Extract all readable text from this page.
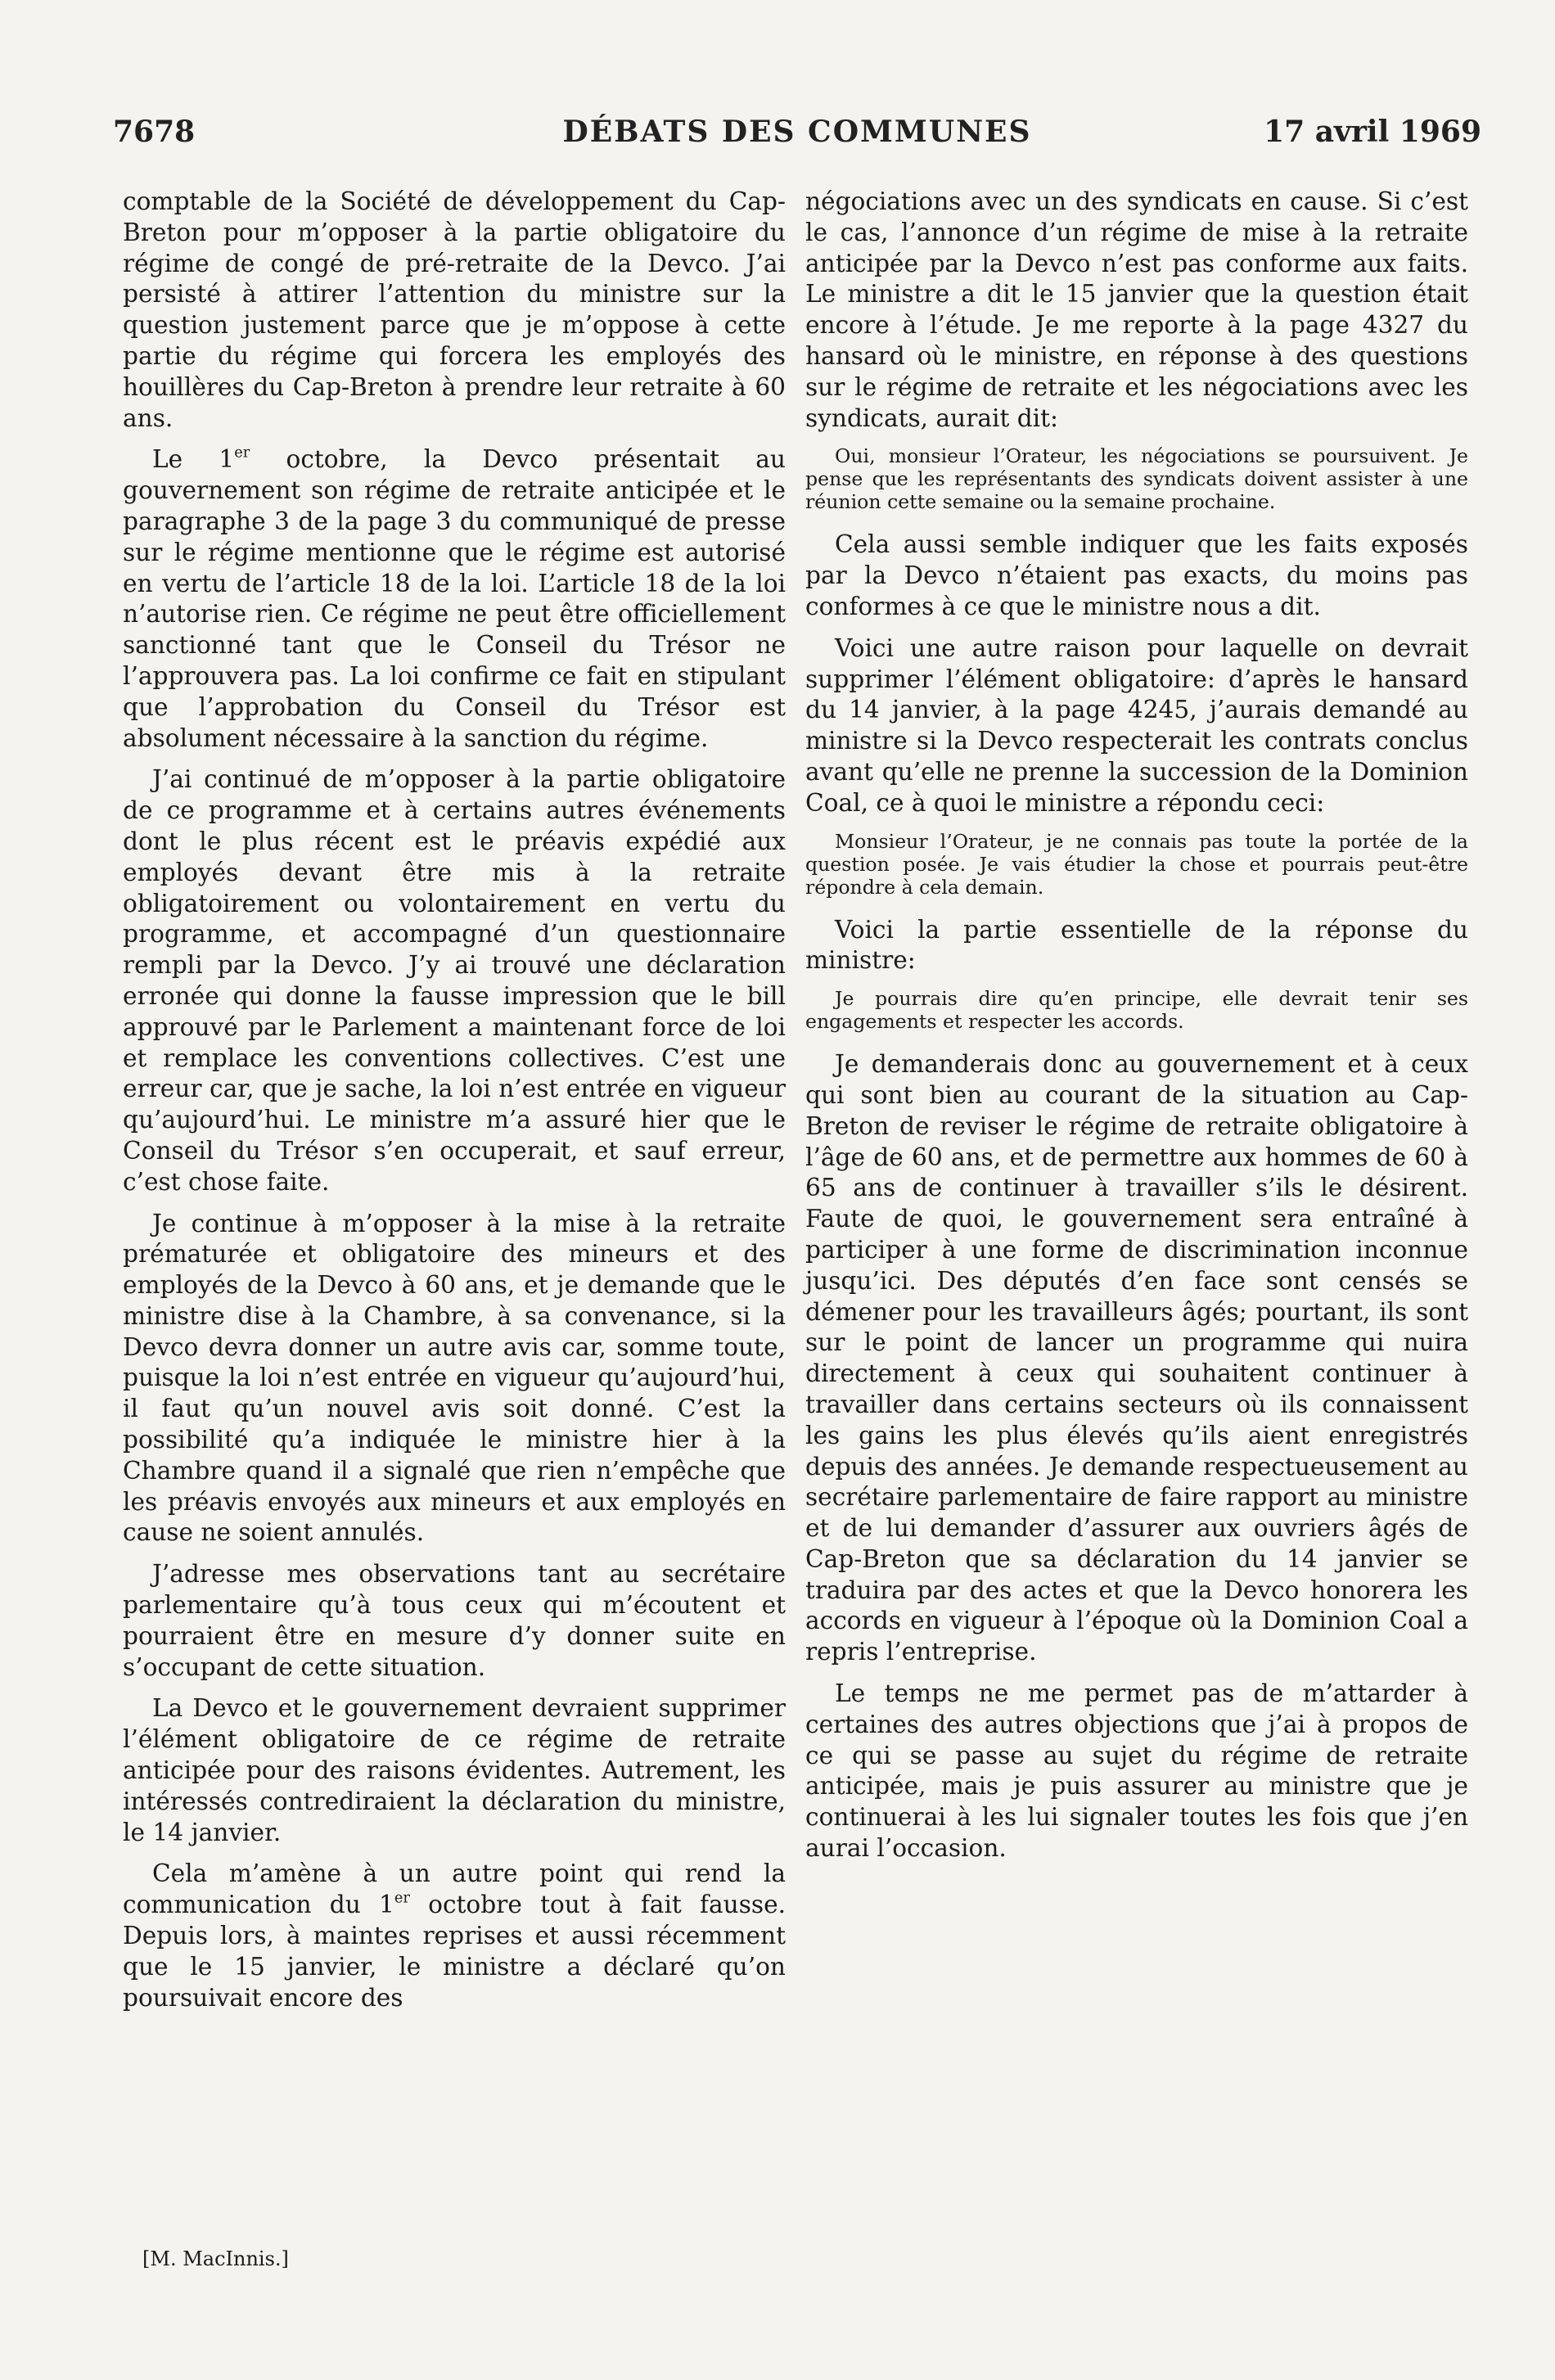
7678	DÉBATS DES COMMUNES	17 avril 1969

comptable de la Société de développement du Cap-Breton pour m’opposer à la partie obligatoire du régime de congé de pré-retraite de la Devco. J’ai persisté à attirer l’attention du ministre sur la question justement parce que je m’oppose à cette partie du régime qui forcera les employés des houillères du Cap-Breton à prendre leur retraite à 60 ans.

Le 1er octobre, la Devco présentait au gouvernement son régime de retraite anticipée et le paragraphe 3 de la page 3 du communiqué de presse sur le régime mentionne que le régime est autorisé en vertu de l’article 18 de la loi. L’article 18 de la loi n’autorise rien. Ce régime ne peut être officiellement sanctionné tant que le Conseil du Trésor ne l’approuvera pas. La loi confirme ce fait en stipulant que l’approbation du Conseil du Trésor est absolument nécessaire à la sanction du régime.

J’ai continué de m’opposer à la partie obligatoire de ce programme et à certains autres événements dont le plus récent est le préavis expédié aux employés devant être mis à la retraite obligatoirement ou volontairement en vertu du programme, et accompagné d’un questionnaire rempli par la Devco. J’y ai trouvé une déclaration erronée qui donne la fausse impression que le bill approuvé par le Parlement a maintenant force de loi et remplace les conventions collectives. C’est une erreur car, que je sache, la loi n’est entrée en vigueur qu’aujourd’hui. Le ministre m’a assuré hier que le Conseil du Trésor s’en occuperait, et sauf erreur, c’est chose faite.

Je continue à m’opposer à la mise à la retraite prématurée et obligatoire des mineurs et des employés de la Devco à 60 ans, et je demande que le ministre dise à la Chambre, à sa convenance, si la Devco devra donner un autre avis car, somme toute, puisque la loi n’est entrée en vigueur qu’aujourd’hui, il faut qu’un nouvel avis soit donné. C’est la possibilité qu’a indiquée le ministre hier à la Chambre quand il a signalé que rien n’empêche que les préavis envoyés aux mineurs et aux employés en cause ne soient annulés.

J’adresse mes observations tant au secrétaire parlementaire qu’à tous ceux qui m’écoutent et pourraient être en mesure d’y donner suite en s’occupant de cette situation.

La Devco et le gouvernement devraient supprimer l’élément obligatoire de ce régime de retraite anticipée pour des raisons évidentes. Autrement, les intéressés contrediraient la déclaration du ministre, le 14 janvier.

Cela m’amène à un autre point qui rend la communication du 1er octobre tout à fait fausse. Depuis lors, à maintes reprises et aussi récemment que le 15 janvier, le ministre a déclaré qu’on poursuivait encore des

[M. MacInnis.]

négociations avec un des syndicats en cause. Si c’est le cas, l’annonce d’un régime de mise à la retraite anticipée par la Devco n’est pas conforme aux faits. Le ministre a dit le 15 janvier que la question était encore à l’étude. Je me reporte à la page 4327 du hansard où le ministre, en réponse à des questions sur le régime de retraite et les négociations avec les syndicats, aurait dit:

Oui, monsieur l’Orateur, les négociations se poursuivent. Je pense que les représentants des syndicats doivent assister à une réunion cette semaine ou la semaine prochaine.

Cela aussi semble indiquer que les faits exposés par la Devco n’étaient pas exacts, du moins pas conformes à ce que le ministre nous a dit.

Voici une autre raison pour laquelle on devrait supprimer l’élément obligatoire: d’après le hansard du 14 janvier, à la page 4245, j’aurais demandé au ministre si la Devco respecterait les contrats conclus avant qu’elle ne prenne la succession de la Dominion Coal, ce à quoi le ministre a répondu ceci:

Monsieur l’Orateur, je ne connais pas toute la portée de la question posée. Je vais étudier la chose et pourrais peut-être répondre à cela demain.

Voici la partie essentielle de la réponse du ministre:

Je pourrais dire qu’en principe, elle devrait tenir ses engagements et respecter les accords.

Je demanderais donc au gouvernement et à ceux qui sont bien au courant de la situation au Cap-Breton de reviser le régime de retraite obligatoire à l’âge de 60 ans, et de permettre aux hommes de 60 à 65 ans de continuer à travailler s’ils le désirent. Faute de quoi, le gouvernement sera entraîné à participer à une forme de discrimination inconnue jusqu’ici. Des députés d’en face sont censés se démener pour les travailleurs âgés; pourtant, ils sont sur le point de lancer un programme qui nuira directement à ceux qui souhaitent continuer à travailler dans certains secteurs où ils connaissent les gains les plus élevés qu’ils aient enregistrés depuis des années. Je demande respectueusement au secrétaire parlementaire de faire rapport au ministre et de lui demander d’assurer aux ouvriers âgés de Cap-Breton que sa déclaration du 14 janvier se traduira par des actes et que la Devco honorera les accords en vigueur à l’époque où la Dominion Coal a repris l’entreprise.

Le temps ne me permet pas de m’attarder à certaines des autres objections que j’ai à propos de ce qui se passe au sujet du régime de retraite anticipée, mais je puis assurer au ministre que je continuerai à les lui signaler toutes les fois que j’en aurai l’occasion.
